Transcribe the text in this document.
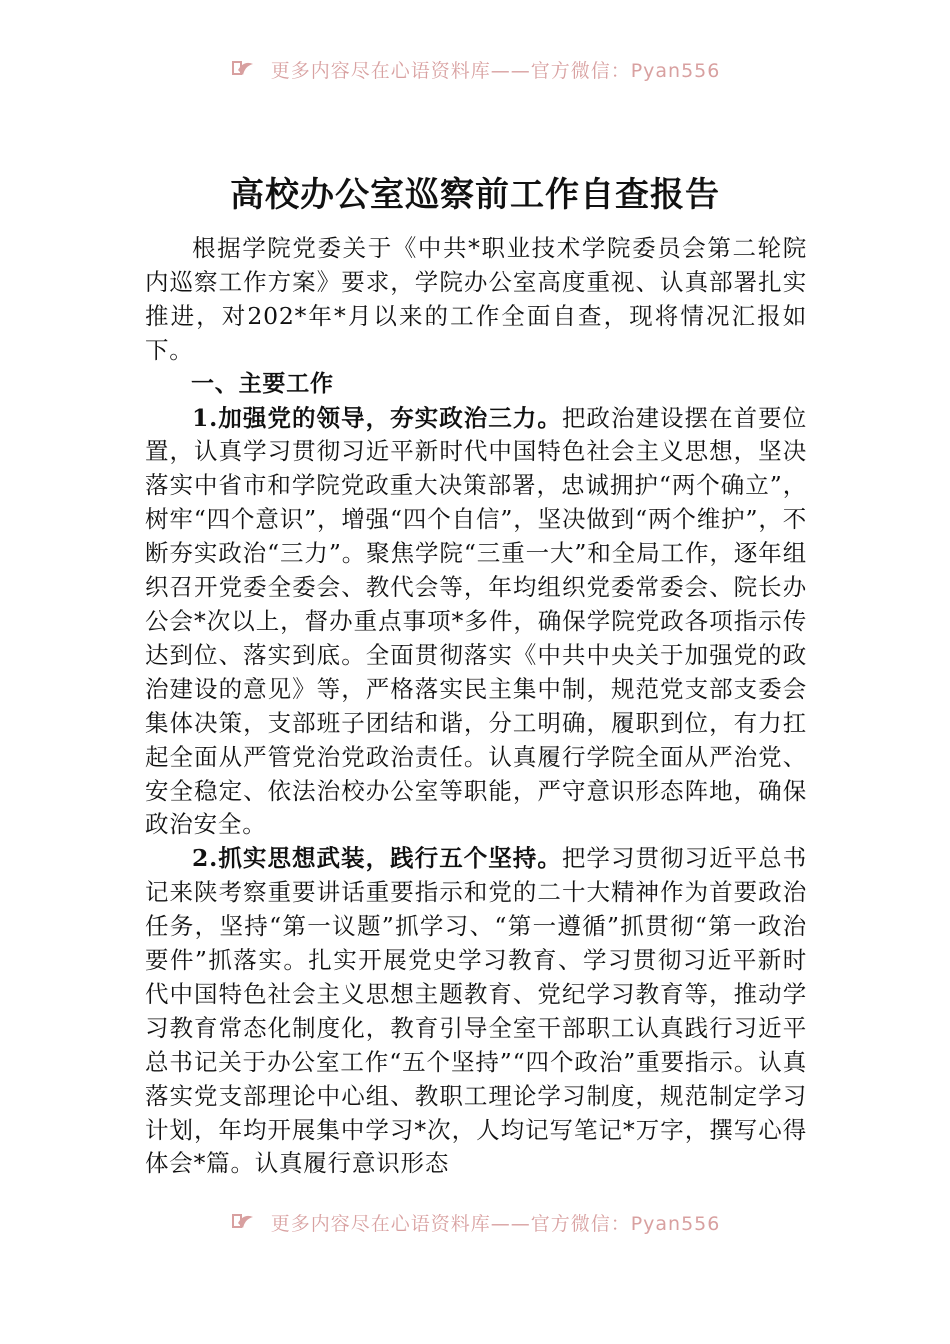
更多内容尽在心语资料库——官方微信：Pyan556
高校办公室巡察前工作自查报告

根据学院党委关于《中共*职业技术学院委员会第二轮院内巡察工作方案》要求，学院办公室高度重视、认真部署扎实推进，对202*年*月以来的工作全面自查，现将情况汇报如下。

一、主要工作

1.加强党的领导，夯实政治三力。把政治建设摆在首要位置，认真学习贯彻习近平新时代中国特色社会主义思想，坚决落实中省市和学院党政重大决策部署，忠诚拥护“两个确立”，树牢“四个意识”，增强“四个自信”，坚决做到“两个维护”，不断夯实政治“三力”。聚焦学院“三重一大”和全局工作，逐年组织召开党委全委会、教代会等，年均组织党委常委会、院长办公会*次以上，督办重点事项*多件，确保学院党政各项指示传达到位、落实到底。全面贯彻落实《中共中央关于加强党的政治建设的意见》等，严格落实民主集中制，规范党支部支委会集体决策，支部班子团结和谐，分工明确，履职到位，有力扛起全面从严管党治党政治责任。认真履行学院全面从严治党、安全稳定、依法治校办公室等职能，严守意识形态阵地，确保政治安全。

2.抓实思想武装，践行五个坚持。把学习贯彻习近平总书记来陕考察重要讲话重要指示和党的二十大精神作为首要政治任务，坚持“第一议题”抓学习、“第一遵循”抓贯彻“第一政治要件”抓落实。扎实开展党史学习教育、学习贯彻习近平新时代中国特色社会主义思想主题教育、党纪学习教育等，推动学习教育常态化制度化，教育引导全室干部职工认真践行习近平总书记关于办公室工作“五个坚持”“四个政治”重要指示。认真落实党支部理论中心组、教职工理论学习制度，规范制定学习计划，年均开展集中学习*次，人均记写笔记*万字，撰写心得体会*篇。认真履行意识形态

更多内容尽在心语资料库——官方微信：Pyan556
